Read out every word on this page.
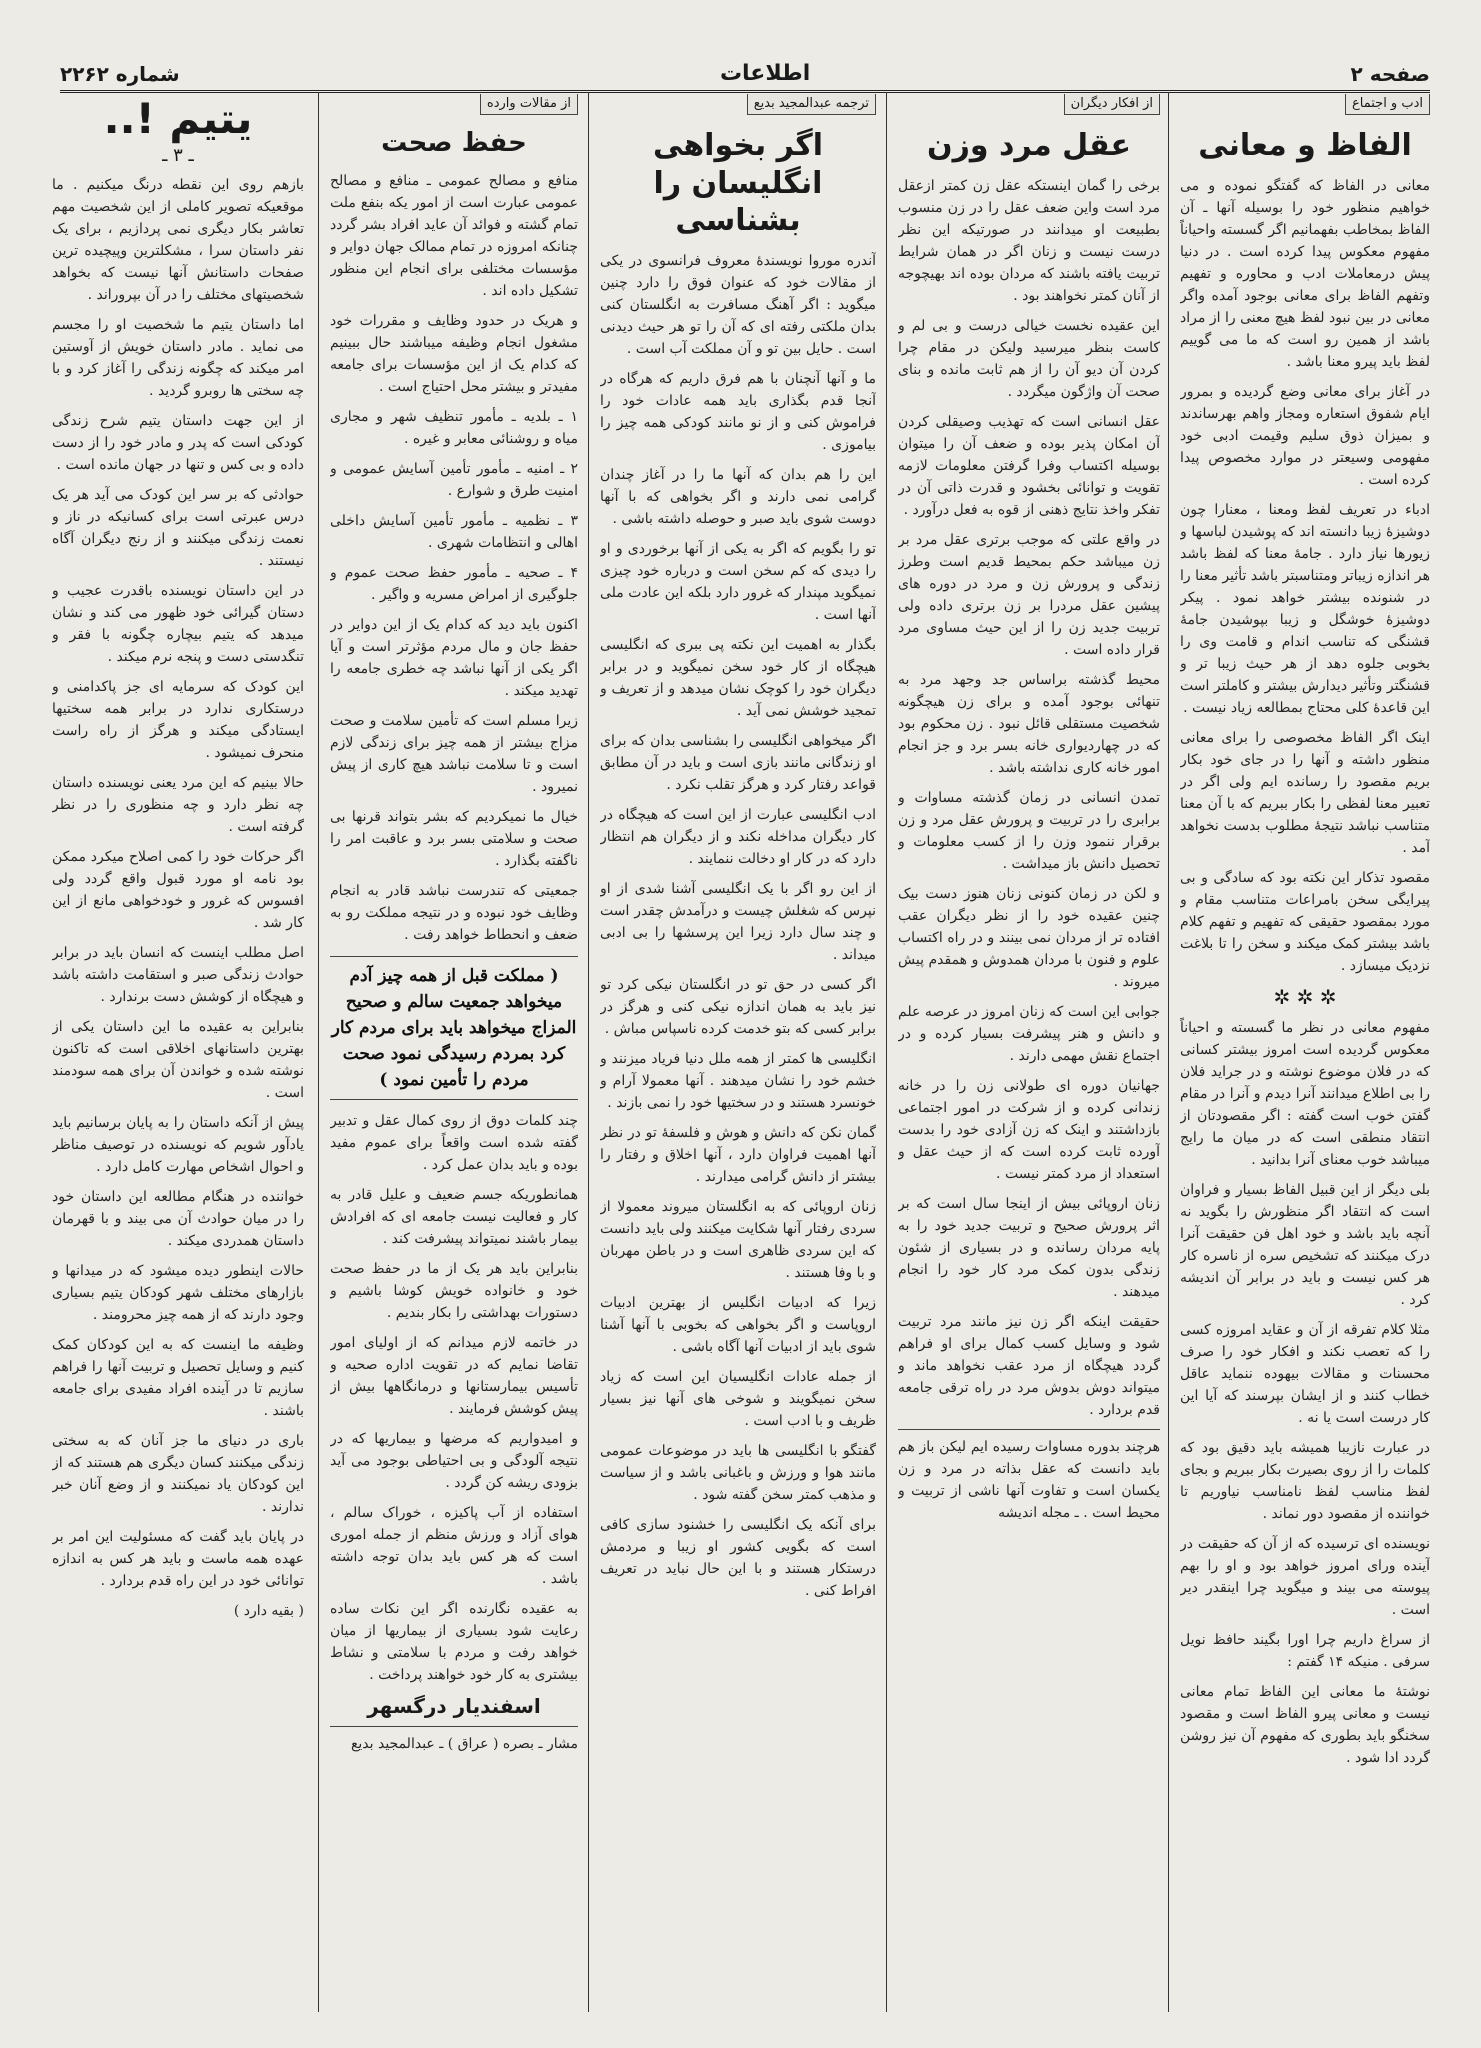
صفحه ۲
اطلاعات
شماره ۲۲۶۲
ادب و اجتماع
الفاظ و معانی

معانی در الفاظ که گفتگو نموده و می خواهیم منظور خود را بوسیله آنها ـ آن الفاظ بمخاطب بفهمانیم اگر گسسته واحیاناً مفهوم معکوس پیدا کرده است . در دنیا پیش درمعاملات ادب و محاوره و تفهیم وتفهم الفاظ برای معانی بوجود آمده واگر معانی در بین نبود لفظ هیچ معنی را از مراد باشد از همین رو است که ما می گوییم لفظ باید پیرو معنا باشد .

در آغاز برای معانی وضع گردیده و بمرور ایام شفوق استعاره ومجاز واهم بهرساندند و بمیزان ذوق سلیم وقیمت ادبی خود مفهومی وسیعتر در موارد مخصوص پیدا کرده است .

ادباء در تعریف لفظ ومعنا ، معنارا چون دوشیزهٔ زیبا دانسته اند که پوشیدن لباسها و زیورها نیاز دارد . جامهٔ معنا که لفظ باشد هر اندازه زیباتر ومتناسبتر باشد تأثیر معنا را در شنونده بیشتر خواهد نمود . پیکر دوشیزهٔ خوشگل و زیبا بپوشیدن جامهٔ قشنگی که تناسب اندام و قامت وی را بخوبی جلوه دهد از هر حیث زیبا تر و قشنگتر وتأثیر دیدارش بیشتر و کاملتر است این قاعدهٔ کلی محتاج بمطالعه زیاد نیست .

اینک اگر الفاظ مخصوصی را برای معانی منظور داشته و آنها را در جای خود بکار بریم مقصود را رسانده ایم ولی اگر در تعبیر معنا لفظی را بکار ببریم که با آن معنا متناسب نباشد نتیجهٔ مطلوب بدست نخواهد آمد .

مقصود تذکار این نکته بود که سادگی و بی پیرایگی سخن بامراعات متناسب مقام و مورد بمقصود حقیقی که تفهیم و تفهم کلام باشد بیشتر کمک میکند و سخن را تا بلاغت نزدیک میسازد .

✲ ✲ ✲

مفهوم معانی در نظر ما گسسته و احیاناً معکوس گردیده است امروز بیشتر کسانی که در فلان موضوع نوشته و در جراید فلان را بی اطلاع میدانند آنرا دیدم و آنرا در مقام گفتن خوب است گفته : اگر مقصودتان از انتقاد منطقی است که در میان ما رایج میباشد خوب معنای آنرا بدانید .

بلی دیگر از این قبیل الفاظ بسیار و فراوان است که انتقاد اگر منظورش را بگوید نه آنچه باید باشد و خود اهل فن حقیقت آنرا درک میکنند که تشخیص سره از ناسره کار هر کس نیست و باید در برابر آن اندیشه کرد .

مثلا کلام تفرقه از آن و عقاید امروزه کسی را که تعصب نکند و افکار خود را صرف محسنات و مقالات بیهوده ننماید عاقل خطاب کنند و از ایشان بپرسند که آیا این کار درست است یا نه .

در عبارت نازیبا همیشه باید دقیق بود که کلمات را از روی بصیرت بکار ببریم و بجای لفظ مناسب لفظ نامناسب نیاوریم تا خواننده از مقصود دور نماند .

نویسنده ای ترسیده که از آن که حقیقت در آینده ورای امروز خواهد بود و او را بهم پیوسته می بیند و میگوید چرا اینقدر دیر است .

از سراغ داریم چرا اورا بگیند حافظ نویل سرفی . منیکه ۱۴ گفتم :

نوشتهٔ ما معانی این الفاظ تمام معانی نیست و معانی پیرو الفاظ است و مقصود سخنگو باید بطوری که مفهوم آن نیز روشن گردد ادا شود .

از افکار دیگران
عقل مرد وزن

برخی را گمان اینستکه عقل زن کمتر ازعقل مرد است واین ضعف عقل را در زن منسوب بطبیعت او میدانند در صورتیکه این نظر درست نیست و زنان اگر در همان شرایط تربیت یافته باشند که مردان بوده اند بهیچوجه از آنان کمتر نخواهند بود .

این عقیده نخست خیالی درست و بی لم و کاست بنظر میرسید ولیکن در مقام چرا کردن آن دیو آن را از هم ثابت مانده و بنای صحت آن واژگون میگردد .

عقل انسانی است که تهذیب وصیقلی کردن آن امکان پذیر بوده و ضعف آن را میتوان بوسیله اکتساب وفرا گرفتن معلومات لازمه تقویت و توانائی بخشود و قدرت ذاتی آن در تفکر واخذ نتایج ذهنی از قوه به فعل درآورد .

در واقع علتی که موجب برتری عقل مرد بر زن میباشد حکم بمحیط قدیم است وطرز زندگی و پرورش زن و مرد در دوره های پیشین عقل مردرا بر زن برتری داده ولی تربیت جدید زن را از این حیث مساوی مرد قرار داده است .

محیط گذشته براساس جد وجهد مرد به تنهائی بوجود آمده و برای زن هیچگونه شخصیت مستقلی قائل نبود . زن محکوم بود که در چهاردیواری خانه بسر برد و جز انجام امور خانه کاری نداشته باشد .

تمدن انسانی در زمان گذشته مساوات و برابری را در تربیت و پرورش عقل مرد و زن برقرار ننمود وزن را از کسب معلومات و تحصیل دانش باز میداشت .

و لکن در زمان کنونی زنان هنوز دست بیک چنین عقیده خود را از نظر دیگران عقب افتاده تر از مردان نمی بینند و در راه اکتساب علوم و فنون با مردان همدوش و همقدم پیش میروند .

جوابی این است که زنان امروز در عرصه علم و دانش و هنر پیشرفت بسیار کرده و در اجتماع نقش مهمی دارند .

جهانیان دوره ای طولانی زن را در خانه زندانی کرده و از شرکت در امور اجتماعی بازداشتند و اینک که زن آزادی خود را بدست آورده ثابت کرده است که از حیث عقل و استعداد از مرد کمتر نیست .

زنان اروپائی بیش از اینجا سال است که بر اثر پرورش صحیح و تربیت جدید خود را به پایه مردان رسانده و در بسیاری از شئون زندگی بدون کمک مرد کار خود را انجام میدهند .

حقیقت اینکه اگر زن نیز مانند مرد تربیت شود و وسایل کسب کمال برای او فراهم گردد هیچگاه از مرد عقب نخواهد ماند و میتواند دوش بدوش مرد در راه ترقی جامعه قدم بردارد .

هرچند بدوره مساوات رسیده ایم لیکن باز هم باید دانست که عقل بذاته در مرد و زن یکسان است و تفاوت آنها ناشی از تربیت و محیط است . ـ مجله اندیشه

ترجمه عبدالمجید بدیع
اگر بخواهی انگلیسان را بشناسی

آندره موروا نویسندهٔ معروف فرانسوی در یکی از مقالات خود که عنوان فوق را دارد چنین میگوید : اگر آهنگ مسافرت به انگلستان کنی بدان ملکتی رفته ای که آن را تو هر حیث دیدنی است . حایل بین تو و آن مملکت آب است .

ما و آنها آنچنان با هم فرق داریم که هرگاه در آنجا قدم بگذاری باید همه عادات خود را فراموش کنی و از نو مانند کودکی همه چیز را بیاموزی .

این را هم بدان که آنها ما را در آغاز چندان گرامی نمی دارند و اگر بخواهی که با آنها دوست شوی باید صبر و حوصله داشته باشی .

تو را بگویم که اگر به یکی از آنها برخوردی و او را دیدی که کم سخن است و درباره خود چیزی نمیگوید مپندار که غرور دارد بلکه این عادت ملی آنها است .

بگذار به اهمیت این نکته پی ببری که انگلیسی هیچگاه از کار خود سخن نمیگوید و در برابر دیگران خود را کوچک نشان میدهد و از تعریف و تمجید خوشش نمی آید .

اگر میخواهی انگلیسی را بشناسی بدان که برای او زندگانی مانند بازی است و باید در آن مطابق قواعد رفتار کرد و هرگز تقلب نکرد .

ادب انگلیسی عبارت از این است که هیچگاه در کار دیگران مداخله نکند و از دیگران هم انتظار دارد که در کار او دخالت ننمایند .

از این رو اگر با یک انگلیسی آشنا شدی از او نپرس که شغلش چیست و درآمدش چقدر است و چند سال دارد زیرا این پرسشها را بی ادبی میداند .

اگر کسی در حق تو در انگلستان نیکی کرد تو نیز باید به همان اندازه نیکی کنی و هرگز در برابر کسی که بتو خدمت کرده ناسپاس مباش .

انگلیسی ها کمتر از همه ملل دنیا فریاد میزنند و خشم خود را نشان میدهند . آنها معمولا آرام و خونسرد هستند و در سختیها خود را نمی بازند .

گمان نکن که دانش و هوش و فلسفهٔ تو در نظر آنها اهمیت فراوان دارد ، آنها اخلاق و رفتار را بیشتر از دانش گرامی میدارند .

زنان اروپائی که به انگلستان میروند معمولا از سردی رفتار آنها شکایت میکنند ولی باید دانست که این سردی ظاهری است و در باطن مهربان و با وفا هستند .

زیرا که ادبیات انگلیس از بهترین ادبیات اروپاست و اگر بخواهی که بخوبی با آنها آشنا شوی باید از ادبیات آنها آگاه باشی .

از جمله عادات انگلیسیان این است که زیاد سخن نمیگویند و شوخی های آنها نیز بسیار ظریف و با ادب است .

گفتگو با انگلیسی ها باید در موضوعات عمومی مانند هوا و ورزش و باغبانی باشد و از سیاست و مذهب کمتر سخن گفته شود .

برای آنکه یک انگلیسی را خشنود سازی کافی است که بگویی کشور او زیبا و مردمش درستکار هستند و با این حال نباید در تعریف افراط کنی .

از مقالات وارده
حفظ صحت

منافع و مصالح عمومی ـ منافع و مصالح عمومی عبارت است از امور یکه بنفع ملت تمام گشته و فوائد آن عاید افراد بشر گردد چنانکه امروزه در تمام ممالک جهان دوایر و مؤسسات مختلفی برای انجام این منظور تشکیل داده اند .

و هریک در حدود وظایف و مقررات خود مشغول انجام وظیفه میباشند حال ببینیم که کدام یک از این مؤسسات برای جامعه مفیدتر و بیشتر محل احتیاج است .

۱ ـ بلدیه ـ مأمور تنظیف شهر و مجاری میاه و روشنائی معابر و غیره .

۲ ـ امنیه ـ مأمور تأمین آسایش عمومی و امنیت طرق و شوارع .

۳ ـ نظمیه ـ مأمور تأمین آسایش داخلی اهالی و انتظامات شهری .

۴ ـ صحیه ـ مأمور حفظ صحت عموم و جلوگیری از امراض مسریه و واگیر .

اکنون باید دید که کدام یک از این دوایر در حفظ جان و مال مردم مؤثرتر است و آیا اگر یکی از آنها نباشد چه خطری جامعه را تهدید میکند .

زیرا مسلم است که تأمین سلامت و صحت مزاج بیشتر از همه چیز برای زندگی لازم است و تا سلامت نباشد هیچ کاری از پیش نمیرود .

خیال ما نمیکردیم که بشر بتواند قرنها بی صحت و سلامتی بسر برد و عاقبت امر را ناگفته بگذارد .

جمعیتی که تندرست نباشد قادر به انجام وظایف خود نبوده و در نتیجه مملکت رو به ضعف و انحطاط خواهد رفت .

( مملکت قبل از همه چیز آدم میخواهد جمعیت سالم و صحیح المزاج میخواهد باید برای مردم کار کرد بمردم رسیدگی نمود صحت مردم را تأمین نمود )

چند کلمات دوق از روی کمال عقل و تدبیر گفته شده است واقعاً برای عموم مفید بوده و باید بدان عمل کرد .

همانطوریکه جسم ضعیف و علیل قادر به کار و فعالیت نیست جامعه ای که افرادش بیمار باشند نمیتواند پیشرفت کند .

بنابراین باید هر یک از ما در حفظ صحت خود و خانواده خویش کوشا باشیم و دستورات بهداشتی را بکار بندیم .

در خاتمه لازم میدانم که از اولیای امور تقاضا نمایم که در تقویت اداره صحیه و تأسیس بیمارستانها و درمانگاهها بیش از پیش کوشش فرمایند .

و امیدواریم که مرضها و بیماریها که در نتیجه آلودگی و بی احتیاطی بوجود می آید بزودی ریشه کن گردد .

استفاده از آب پاکیزه ، خوراک سالم ، هوای آزاد و ورزش منظم از جمله اموری است که هر کس باید بدان توجه داشته باشد .

به عقیده نگارنده اگر این نکات ساده رعایت شود بسیاری از بیماریها از میان خواهد رفت و مردم با سلامتی و نشاط بیشتری به کار خود خواهند پرداخت .

اسفندیار درگسهر

مشار ـ بصره ( عراق ) ـ عبدالمجید بدیع

یتیم !..
ـ ۳ ـ

بازهم روی این نقطه درنگ میکنیم . ما موقعیکه تصویر کاملی از این شخصیت مهم تعاشر بکار دیگری نمی پردازیم ، برای یک نفر داستان سرا ، مشکلترین وپیچیده ترین صفحات داستانش آنها نیست که بخواهد شخصیتهای مختلف را در آن بپروراند .

اما داستان یتیم ما شخصیت او را مجسم می نماید . مادر داستان خویش از آوستین امر میکند که چگونه زندگی را آغاز کرد و با چه سختی ها روبرو گردید .

از این جهت داستان یتیم شرح زندگی کودکی است که پدر و مادر خود را از دست داده و بی کس و تنها در جهان مانده است .

حوادثی که بر سر این کودک می آید هر یک درس عبرتی است برای کسانیکه در ناز و نعمت زندگی میکنند و از رنج دیگران آگاه نیستند .

در این داستان نویسنده باقدرت عجیب و دستان گیرائی خود ظهور می کند و نشان میدهد که یتیم بیچاره چگونه با فقر و تنگدستی دست و پنجه نرم میکند .

این کودک که سرمایه ای جز پاکدامنی و درستکاری ندارد در برابر همه سختیها ایستادگی میکند و هرگز از راه راست منحرف نمیشود .

حالا بینیم که این مرد یعنی نویسنده داستان چه نظر دارد و چه منظوری را در نظر گرفته است .

اگر حرکات خود را کمی اصلاح میکرد ممکن بود نامه او مورد قبول واقع گردد ولی افسوس که غرور و خودخواهی مانع از این کار شد .

اصل مطلب اینست که انسان باید در برابر حوادث زندگی صبر و استقامت داشته باشد و هیچگاه از کوشش دست برندارد .

بنابراین به عقیده ما این داستان یکی از بهترین داستانهای اخلاقی است که تاکنون نوشته شده و خواندن آن برای همه سودمند است .

پیش از آنکه داستان را به پایان برسانیم باید یادآور شویم که نویسنده در توصیف مناظر و احوال اشخاص مهارت کامل دارد .

خواننده در هنگام مطالعه این داستان خود را در میان حوادث آن می بیند و با قهرمان داستان همدردی میکند .

حالات اینطور دیده میشود که در میدانها و بازارهای مختلف شهر کودکان یتیم بسیاری وجود دارند که از همه چیز محرومند .

وظیفه ما اینست که به این کودکان کمک کنیم و وسایل تحصیل و تربیت آنها را فراهم سازیم تا در آینده افراد مفیدی برای جامعه باشند .

باری در دنیای ما جز آنان که به سختی زندگی میکنند کسان دیگری هم هستند که از این کودکان یاد نمیکنند و از وضع آنان خبر ندارند .

در پایان باید گفت که مسئولیت این امر بر عهده همه ماست و باید هر کس به اندازه توانائی خود در این راه قدم بردارد .

( بقیه دارد )
